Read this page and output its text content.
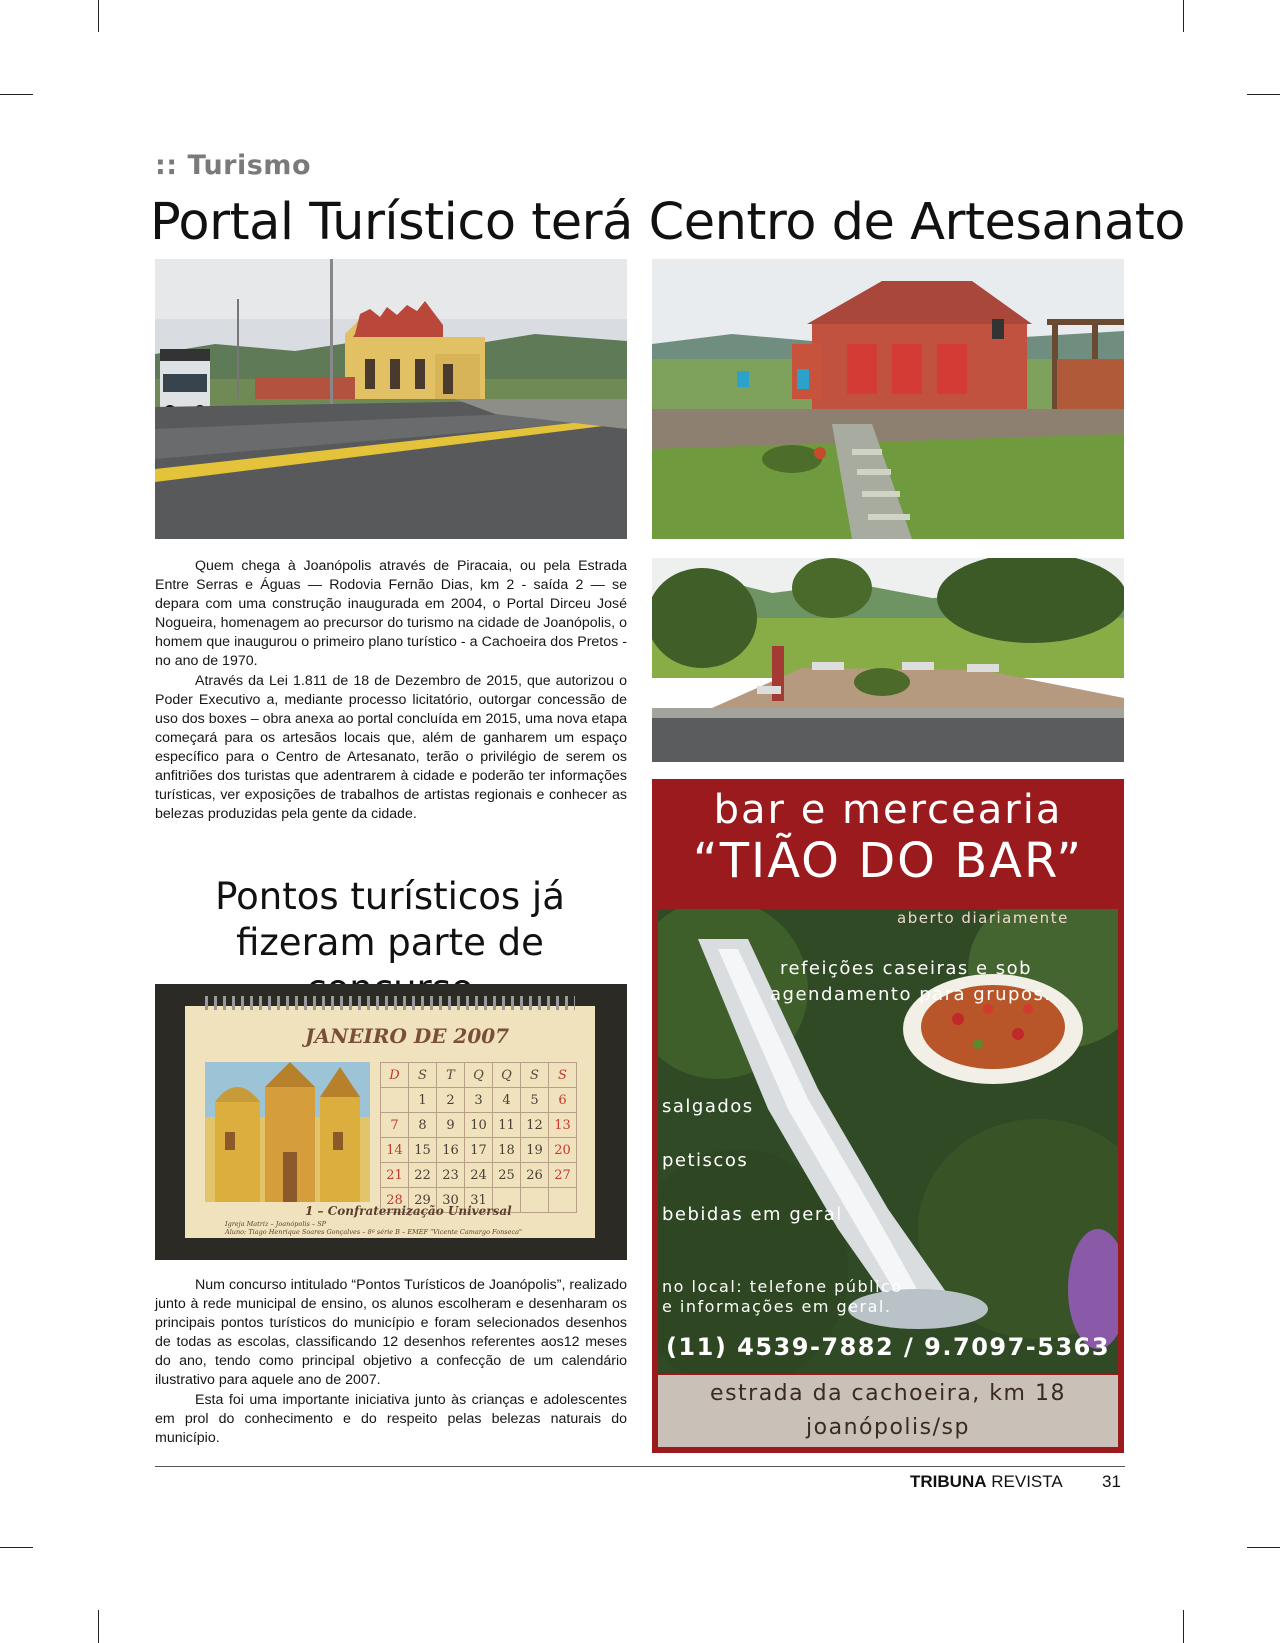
:: Turismo
Portal Turístico terá Centro de Artesanato

Quem chega à Joanópolis através de Piracaia, ou pela Estrada Entre Serras e Águas — Rodovia Fernão Dias, km 2 - saída 2 — se depara com uma construção inaugurada em 2004, o Portal Dirceu José Nogueira, homenagem ao precursor do turismo na cidade de Joanópolis, o homem que inaugurou o primeiro plano turístico - a Cachoeira dos Pretos - no ano de 1970.

Através da Lei 1.811 de 18 de Dezembro de 2015, que autorizou o Poder Executivo a, mediante processo licitatório, outorgar concessão de uso dos boxes – obra anexa ao portal concluída em 2015, uma nova etapa começará para os artesãos locais que, além de ganharem um espaço específico para o Centro de Artesanato, terão o privilégio de serem os anfitriões dos turistas que adentrarem à cidade e poderão ter informações turísticas, ver exposições de trabalhos de artistas regionais e conhecer as belezas produzidas pela gente da cidade.

Pontos turísticos já
fizeram parte de
JANEIRO DE 2007
D	S	T	Q	Q	S	S
	1	2	3	4	5	6
7	8	9	10	11	12	13
14	15	16	17	18	19	20
21	22	23	24	25	26	27
28	29	30	31			
1 – Confraternização Universal
Igreja Matriz – Joanópolis – SP
Aluno: Tiago Henrique Soares Gonçalves – 8ª série B – EMEF "Vicente Camargo Fonseca"

Num concurso intitulado “Pontos Turísticos de Joanópolis”, realizado junto à rede municipal de ensino, os alunos escolheram e desenharam os principais pontos turísticos do município e foram selecionados desenhos de todas as escolas, classificando 12 desenhos referentes aos12 meses do ano, tendo como principal objetivo a confecção de um calendário ilustrativo para aquele ano de 2007.

Esta foi uma importante iniciativa junto às crianças e adolescentes em prol do conhecimento e do respeito pelas belezas naturais do município.

bar e mercearia
“TIÃO DO BAR”
aberto diariamente
refeições caseiras e sob
agendamento para grupos.
salgados
petiscos
bebidas em geral
no local: telefone público
e informações em geral.
(11) 4539-7882 / 9.7097-5363
estrada da cachoeira, km 18
joanópolis/sp
TRIBUNA REVISTA 31
